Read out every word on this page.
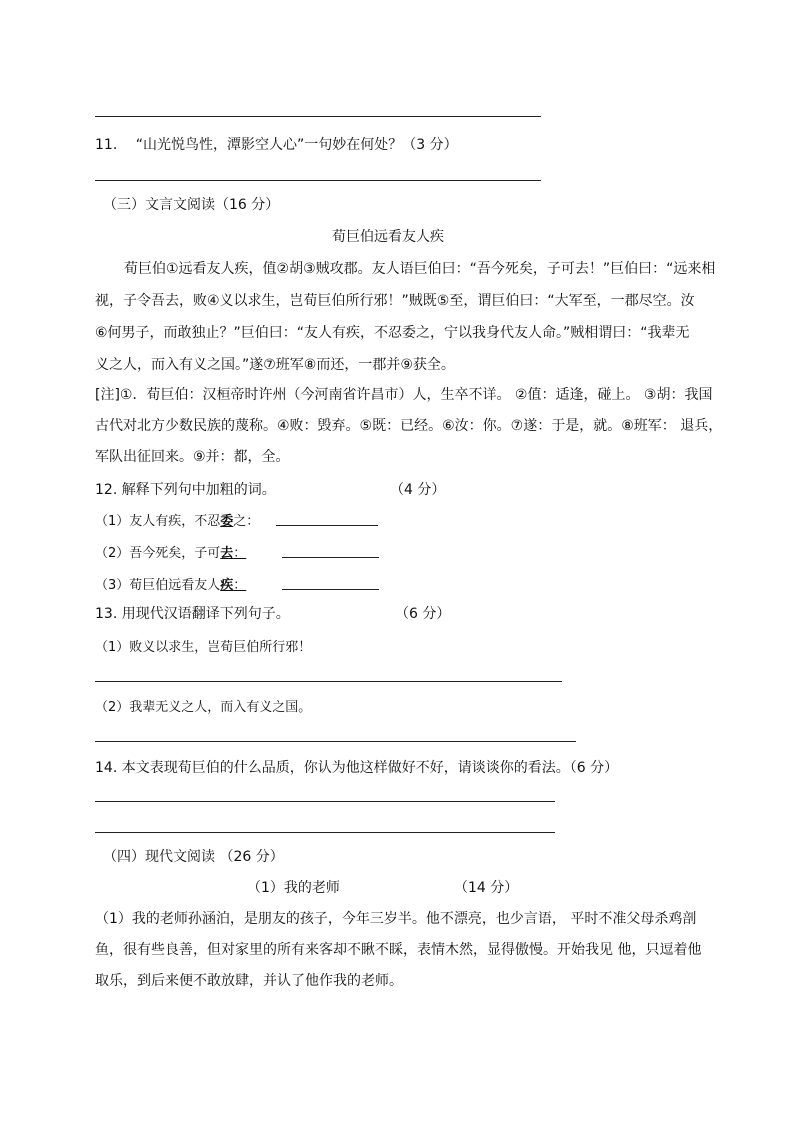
11. “山光悦鸟性，潭影空人心”一句妙在何处？（3 分）
（三）文言文阅读（16 分）
荀巨伯远看友人疾
荀巨伯①远看友人疾，值②胡③贼攻郡。友人语巨伯曰：“吾今死矣，子可去！”巨伯曰：“远来相
视，子令吾去，败④义以求生，岂荀巨伯所行邪！”贼既⑤至，谓巨伯曰：“大军至，一郡尽空。汝
⑥何男子，而敢独止？”巨伯曰：“友人有疾，不忍委之，宁以我身代友人命。”贼相谓曰：“我辈无
义之人，而入有义之国。”遂⑦班军⑧而还，一郡并⑨获全。
[注]①．荀巨伯：汉桓帝时许州（今河南省许昌市）人，生卒不详。 ②值：适逢，碰上。 ③胡：我国
古代对北方少数民族的蔑称。④败：毁弃。⑤既：已经。⑥汝：你。⑦遂：于是，就。⑧班军： 退兵，
军队出征回来。⑨并：都，全。
12. 解释下列句中加粗的词。	（4 分）
（1）友人有疾，不忍委之：
（2）吾今死矣，子可去：
（3）荀巨伯远看友人疾：
13. 用现代汉语翻译下列句子。	（6 分）
（1）败义以求生，岂荀巨伯所行邪！
（2）我辈无义之人，而入有义之国。
14. 本文表现荀巨伯的什么品质，你认为他这样做好不好，请谈谈你的看法。（6 分）
（四）现代文阅读 （26 分）
（1）我的老师	（14 分）
（1）我的老师孙涵泊，是朋友的孩子，今年三岁半。他不漂亮，也少言语， 平时不准父母杀鸡剖
鱼，很有些良善，但对家里的所有来客却不瞅不睬，表情木然，显得傲慢。开始我见 他，只逗着他
取乐，到后来便不敢放肆，并认了他作我的老师。
